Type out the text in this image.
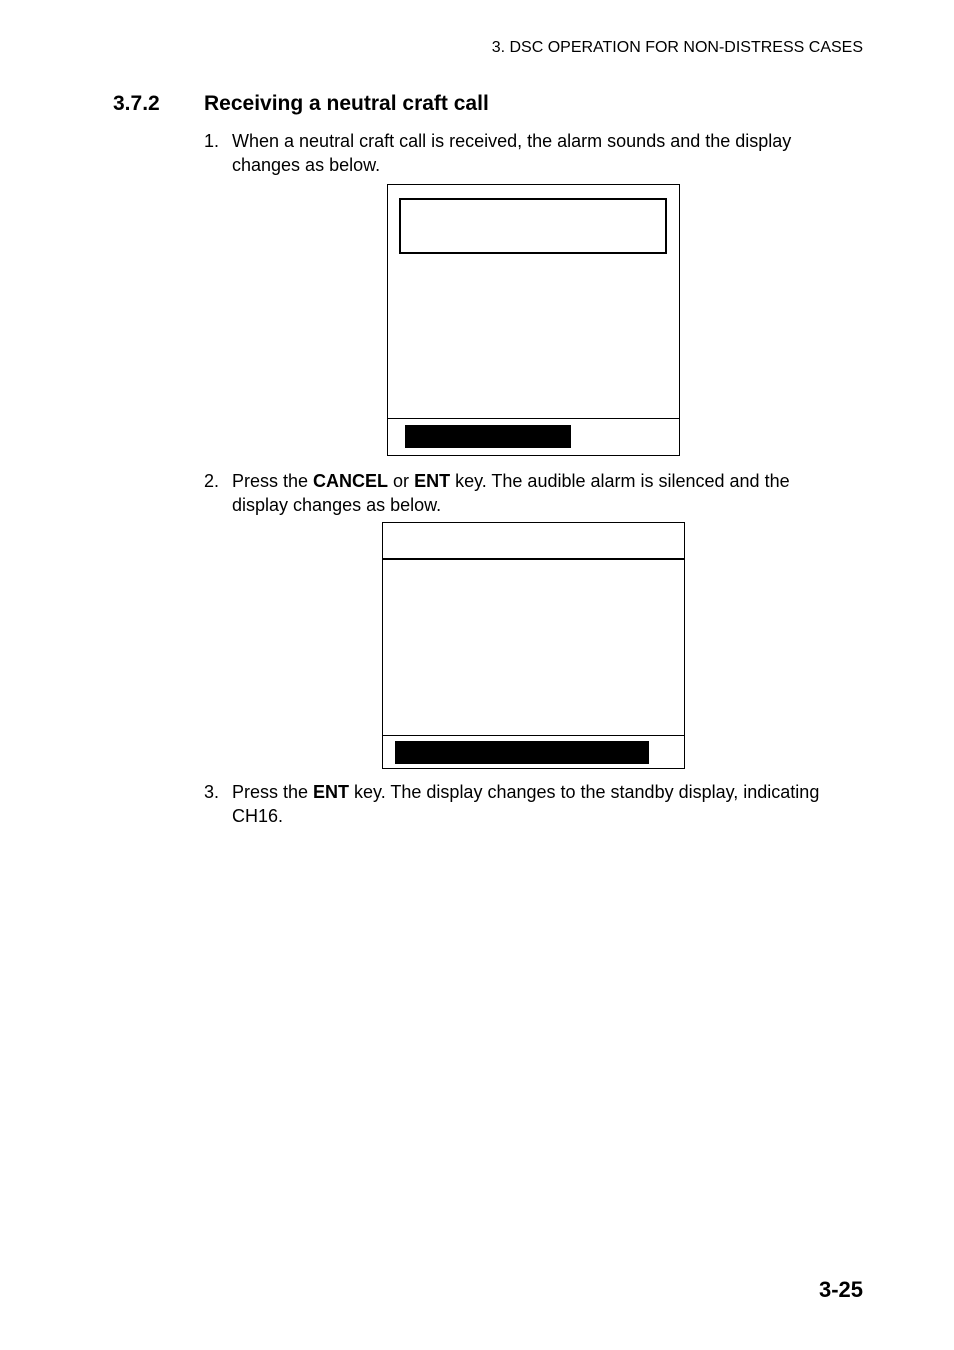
3. DSC OPERATION FOR NON-DISTRESS CASES
3.7.2	Receiving a neutral craft call
1. When a neutral craft call is received, the alarm sounds and the display changes as below.
2. Press the CANCEL or ENT key. The audible alarm is silenced and the display changes as below.
3. Press the ENT key. The display changes to the standby display, indicating CH16.
3-25
